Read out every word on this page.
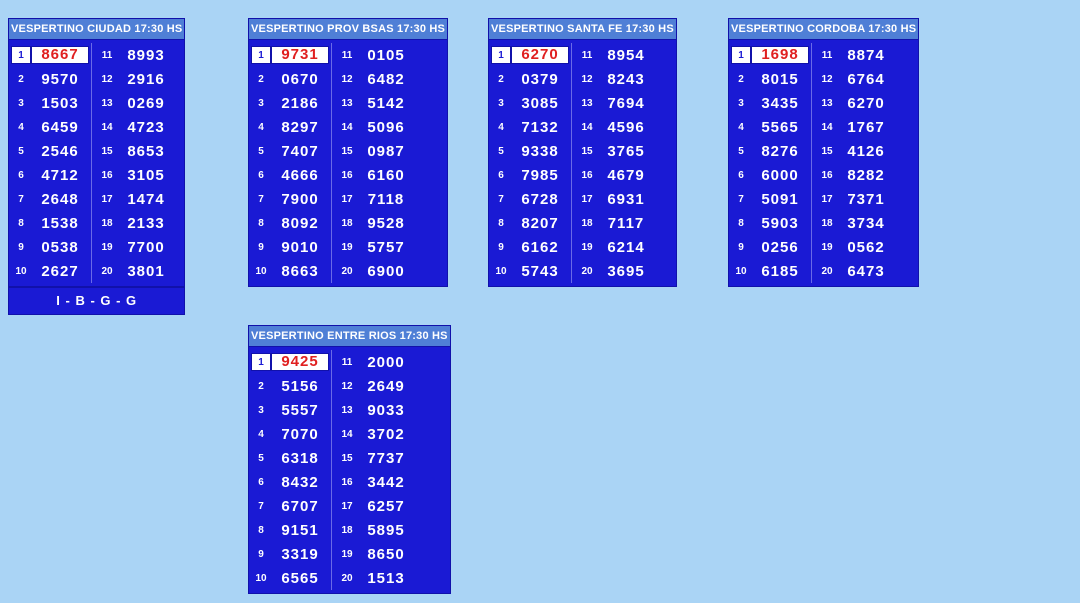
VESPERTINO CIUDAD 17:30 HS
1	8667
2	9570
3	1503
4	6459
5	2546
6	4712
7	2648
8	1538
9	0538
10 2627
11	8993
12 2916
13 0269
14 4723
15 8653
16 3105
17 1474
18 2133
19 7700
20 3801
I - B - G - G
VESPERTINO PROV BSAS 17:30 HS
1	9731
2	0670
3	2186
4	8297
5	7407
6	4666
7	7900
8	8092
9	9010
10 8663
11	0105
12 6482
13 5142
14 5096
15 0987
16 6160
17	7118
18 9528
19 5757
20 6900
VESPERTINO SANTA FE 17:30 HS
1	6270
2	0379
3	3085
4	7132
5	9338
6	7985
7	6728
8	8207
9	6162
10 5743
11	8954
12 8243
13 7694
14 4596
15 3765
16 4679
17 6931
18	7117
19 6214
20 3695
VESPERTINO CORDOBA 17:30 HS
1	1698
2	8015
3	3435
4	5565
5	8276
6	6000
7	5091
8	5903
9	0256
10 6185
11	8874
12 6764
13 6270
14 1767
15 4126
16 8282
17 7371
18 3734
19 0562
20 6473
VESPERTINO ENTRE RIOS 17:30 HS
1	9425
2	5156
3	5557
4	7070
5	6318
6	8432
7	6707
8	9151
9	3319
10 6565
11	2000
12 2649
13 9033
14 3702
15 7737
16 3442
17 6257
18 5895
19 8650
20 1513
